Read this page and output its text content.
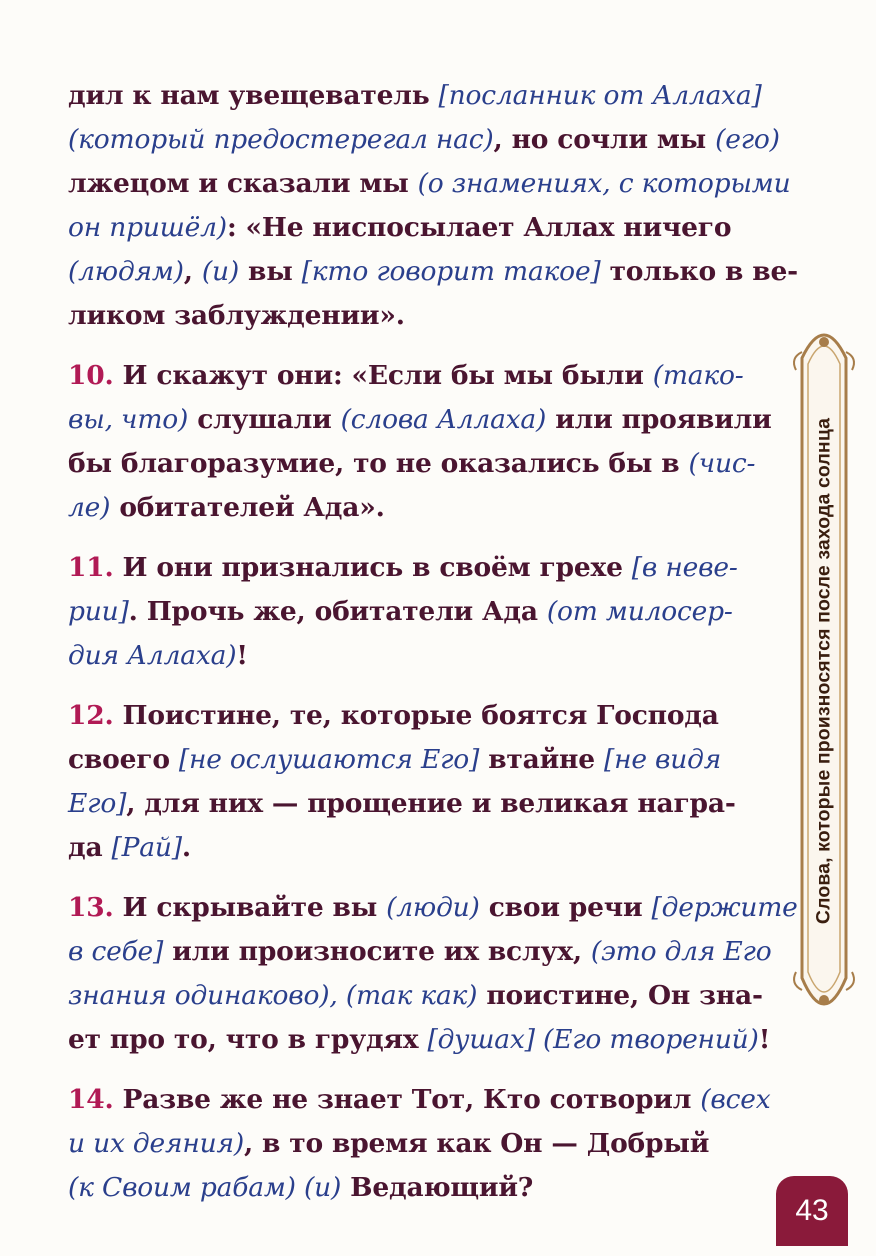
дил к нам увещеватель [посланник от Аллаха]
(который предостерегал нас), но сочли мы (его)
лжецом и сказали мы (о знамениях, с которыми
он пришёл): «Не ниспосылает Аллах ничего
(людям), (и) вы [кто говорит такое] только в ве-
ликом заблуждении».
10. И скажут они: «Если бы мы были (тако-
вы, что) слушали (слова Аллаха) или проявили
бы благоразумие, то не оказались бы в (чис-
ле) обитателей Ада».
11. И они признались в своём грехе [в неве-
рии]. Прочь же, обитатели Ада (от милосер-
дия Аллаха)!
12. Поистине, те, которые боятся Господа
своего [не ослушаются Его] втайне [не видя
Его], для них — прощение и великая награ-
да [Рай].
13. И скрывайте вы (люди) свои речи [держите
в себе] или произносите их вслух, (это для Его
знания одинаково), (так как) поистине, Он зна-
ет про то, что в грудях [душах] (Его творений)!
14. Разве же не знает Тот, Кто сотворил (всех
и их деяния), в то время как Он — Добрый
(к Своим рабам) (и) Ведающий?
Слова, которые произносятся после захода солнца
43
